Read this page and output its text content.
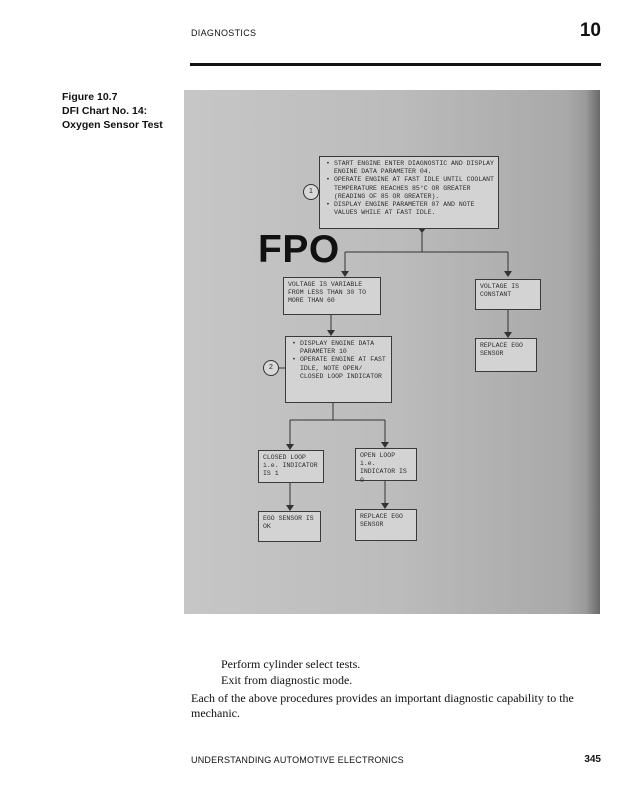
DIAGNOSTICS	10
Figure 10.7
DFI Chart No. 14:
Oxygen Sensor Test
1
2
• START ENGINE ENTER DIAGNOSTIC AND DISPLAY ENGINE DATA PARAMETER 04.
• OPERATE ENGINE AT FAST IDLE UNTIL COOLANT TEMPERATURE REACHES 85°C OR GREATER (READING OF 85 OR GREATER).
• DISPLAY ENGINE PARAMETER 07 AND NOTE VALUES WHILE AT FAST IDLE.
VOLTAGE IS VARIABLE FROM LESS THAN 30 TO MORE THAN 60
VOLTAGE IS CONSTANT
REPLACE EGO SENSOR
• DISPLAY ENGINE DATA PARAMETER 10
• OPERATE ENGINE AT FAST IDLE, NOTE OPEN/ CLOSED LOOP INDICATOR
CLOSED LOOP i.e. INDICATOR IS 1
OPEN LOOP i.e. INDICATOR IS 0
EGO SENSOR IS OK
REPLACE EGO SENSOR
FPO
Perform cylinder select tests.
Exit from diagnostic mode.
Each of the above procedures provides an important diagnostic capability to the mechanic.
UNDERSTANDING AUTOMOTIVE ELECTRONICS	345
